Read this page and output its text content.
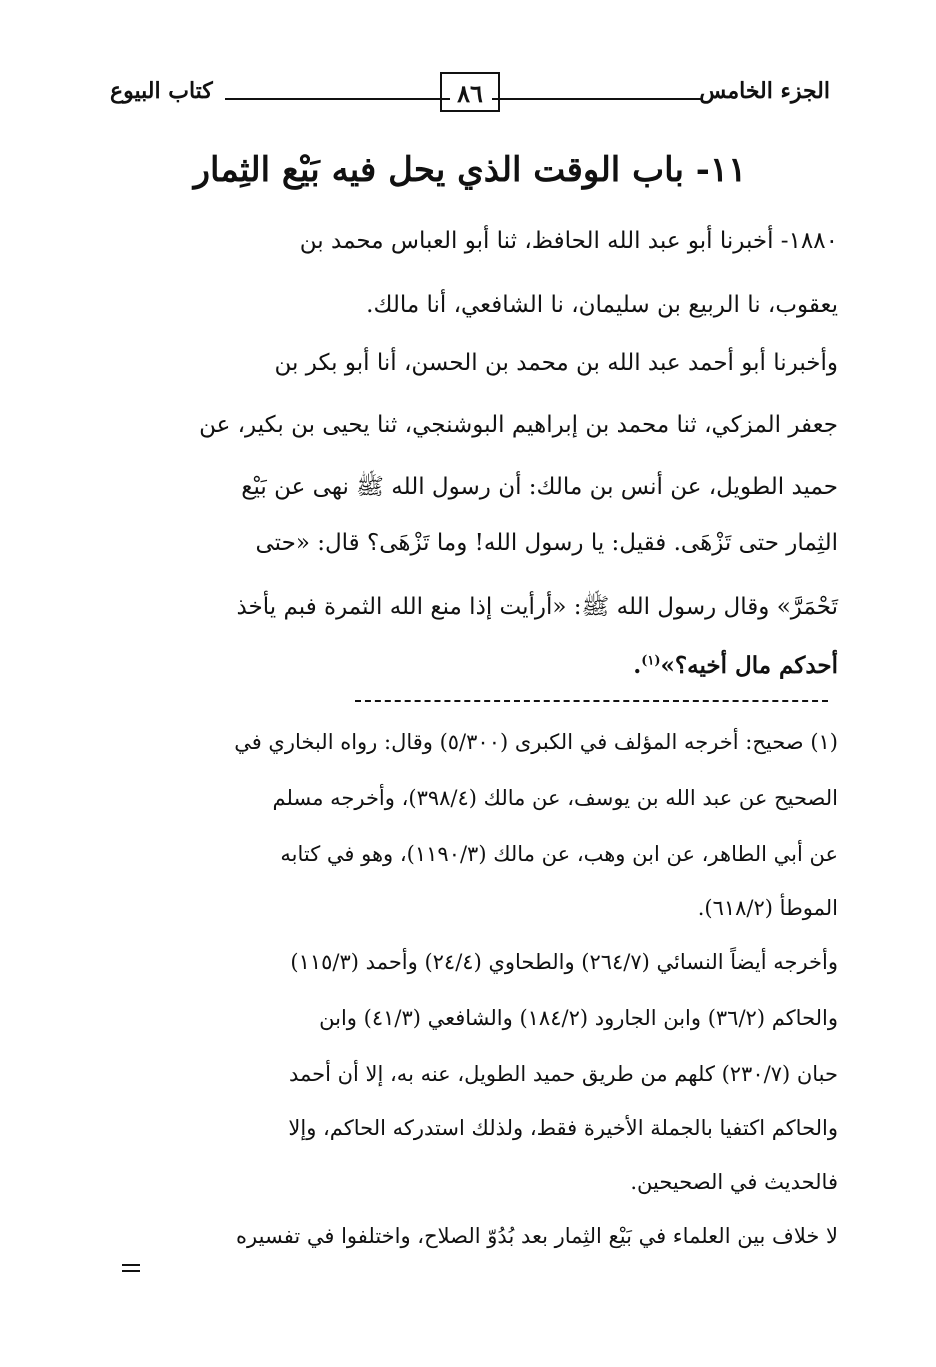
الجزء الخامس
٨٦
كتاب البيوع
١١- باب الوقت الذي يحل فيه بَيْع الثِمار
١٨٨٠- أخبرنا أبو عبد الله الحافظ، ثنا أبو العباس محمد بن
يعقوب، نا الربيع بن سليمان، نا الشافعي، أنا مالك.
وأخبرنا أبو أحمد عبد الله بن محمد بن الحسن، أنا أبو بكر بن
جعفر المزكي، ثنا محمد بن إبراهيم البوشنجي، ثنا يحيى بن بكير، عن
حميد الطويل، عن أنس بن مالك: أن رسول الله ﷺ نهى عن بَيْع
الثِمار حتى تَزْهَى. فقيل: يا رسول الله! وما تَزْهَى؟ قال: «حتى
تَحْمَرَّ» وقال رسول الله ﷺ: «أرأيت إذا منع الله الثمرة فبم يأخذ
أحدكم مال أخيه؟»$^{(١)}$.
(١) صحيح: أخرجه المؤلف في الكبرى (٥/٣٠٠) وقال: رواه البخاري في
الصحيح عن عبد الله بن يوسف، عن مالك (٣٩٨/٤)، وأخرجه مسلم
عن أبي الطاهر، عن ابن وهب، عن مالك (١١٩٠/٣)، وهو في كتابه
الموطأ (٦١٨/٢).
وأخرجه أيضاً النسائي (٢٦٤/٧) والطحاوي (٢٤/٤) وأحمد (١١٥/٣)
والحاكم (٣٦/٢) وابن الجارود (١٨٤/٢) والشافعي (٤١/٣) وابن
حبان (٢٣٠/٧) كلهم من طريق حميد الطويل، عنه به، إلا أن أحمد
والحاكم اكتفيا بالجملة الأخيرة فقط، ولذلك استدركه الحاكم، وإلا
فالحديث في الصحيحين.
لا خلاف بين العلماء في بَيْع الثِمار بعد بُدُوّ الصلاح، واختلفوا في تفسيره
